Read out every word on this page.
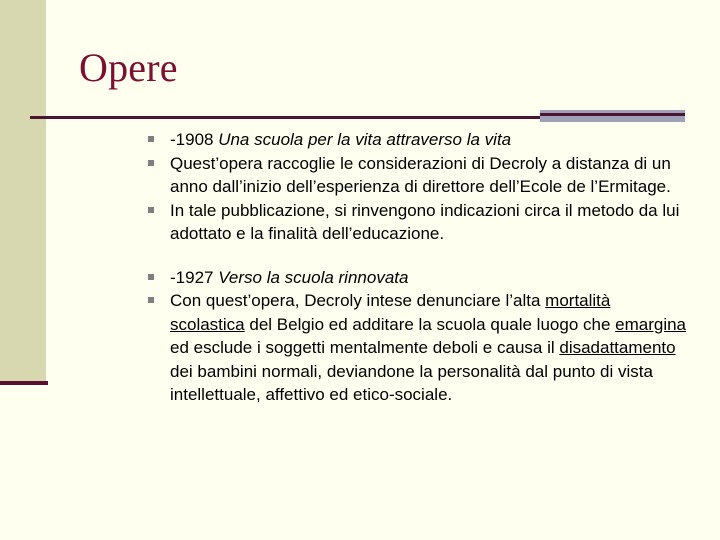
Opere
-1908 Una scuola per la vita attraverso la vita
Quest’opera raccoglie le considerazioni di Decroly a distanza di un anno dall’inizio dell’esperienza di direttore dell’Ecole de l’Ermitage.
In tale pubblicazione, si rinvengono indicazioni circa il metodo da lui adottato e la finalità dell’educazione.
-1927 Verso la scuola rinnovata
Con quest’opera, Decroly intese denunciare l’alta mortalità scolastica del Belgio ed additare la scuola quale luogo che emargina ed esclude i soggetti mentalmente deboli e causa il disadattamento dei bambini normali, deviandone la personalità dal punto di vista intellettuale, affettivo ed etico-sociale.
